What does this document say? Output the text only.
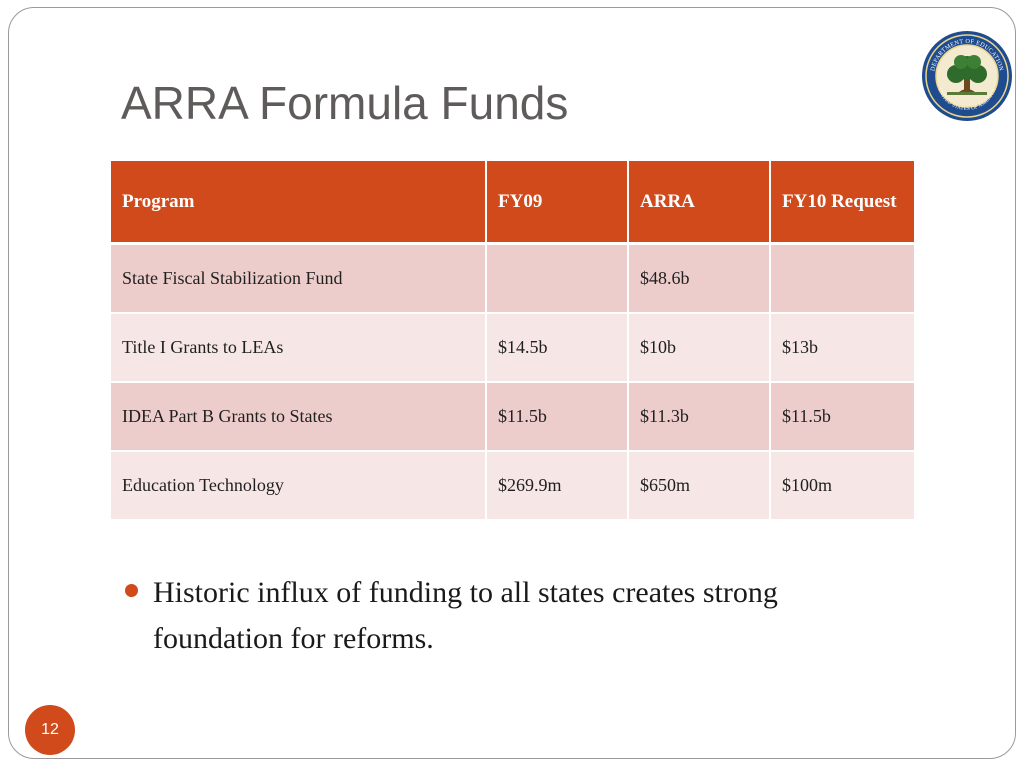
ARRA Formula Funds
DEPARTMENT OF EDUCATION
UNITED STATES OF AMERICA
Historic influx of funding to all states creates strong foundation for reforms.
12
Program	FY09	ARRA	FY10 Request
State Fiscal Stabilization Fund		$48.6b	
Title I Grants to LEAs	$14.5b	$10b	$13b
IDEA Part B Grants to States	$11.5b	$11.3b	$11.5b
Education Technology	$269.9m	$650m	$100m
